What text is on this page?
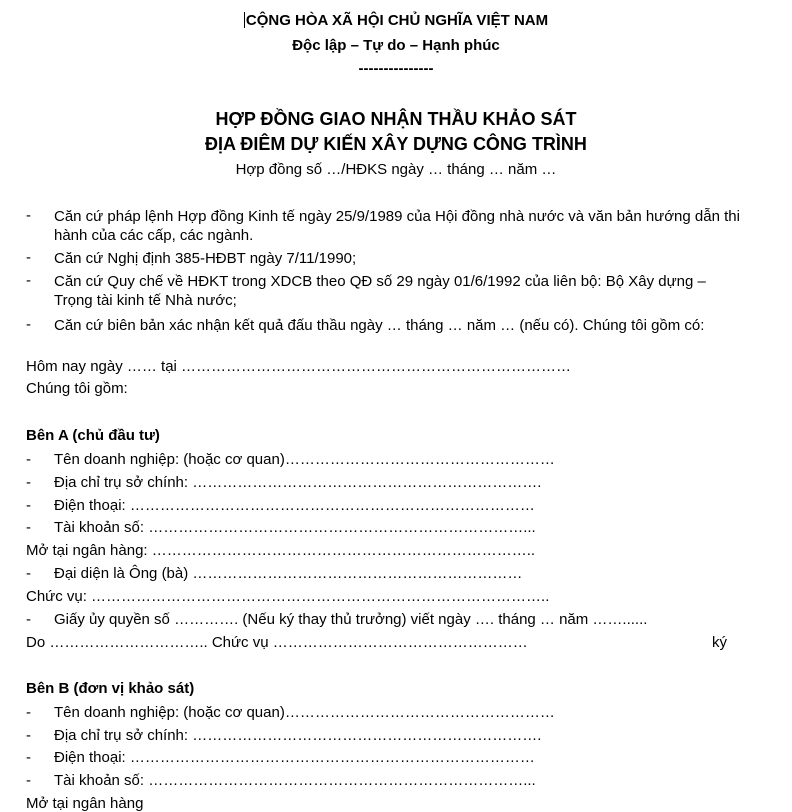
CỘNG HÒA XÃ HỘI CHỦ NGHĨA VIỆT NAM
Độc lập – Tự do – Hạnh phúc
---------------
HỢP ĐỒNG GIAO NHẬN THẦU KHẢO SÁT
ĐỊA ĐIÊM DỰ KIẾN XÂY DỰNG CÔNG TRÌNH
Hợp đồng số …/HĐKS ngày … tháng … năm …
- Căn cứ pháp lệnh Hợp đồng Kinh tế ngày 25/9/1989 của Hội đồng nhà nước và văn bản hướng dẫn thi hành của các cấp, các ngành.
- Căn cứ Nghị định 385-HĐBT ngày 7/11/1990;
- Căn cứ Quy chế về HĐKT trong XDCB theo QĐ số 29 ngày 01/6/1992 của liên bộ: Bộ Xây dựng – Trọng tài kinh tế Nhà nước;
- Căn cứ biên bản xác nhận kết quả đấu thầu ngày … tháng … năm … (nếu có). Chúng tôi gồm có:
Hôm nay ngày …… tại ……………………………………………………………………
Chúng tôi gồm:
Bên A (chủ đầu tư)
- Tên doanh nghiệp: (hoặc cơ quan)………………………………………………
- Địa chỉ trụ sở chính: …………………………………………………………….
- Điện thoại: ………………………………………………………………………
- Tài khoản số: …………………………………………………………………...
Mở tại ngân hàng: …………………………………………………………………..
- Đại diện là Ông (bà) …………………………………………………………
Chức vụ: ………………………………………………………………………………..
- Giấy ủy quyền số …………. (Nếu ký thay thủ trưởng) viết ngày …. tháng … năm ……......
Do ………………………….. Chức vụ ……………………………………………	ký
Bên B (đơn vị khảo sát)
- Tên doanh nghiệp: (hoặc cơ quan)………………………………………………
- Địa chỉ trụ sở chính: …………………………………………………………….
- Điện thoại: ………………………………………………………………………
- Tài khoản số: …………………………………………………………………...
Mở tại ngân hàng
